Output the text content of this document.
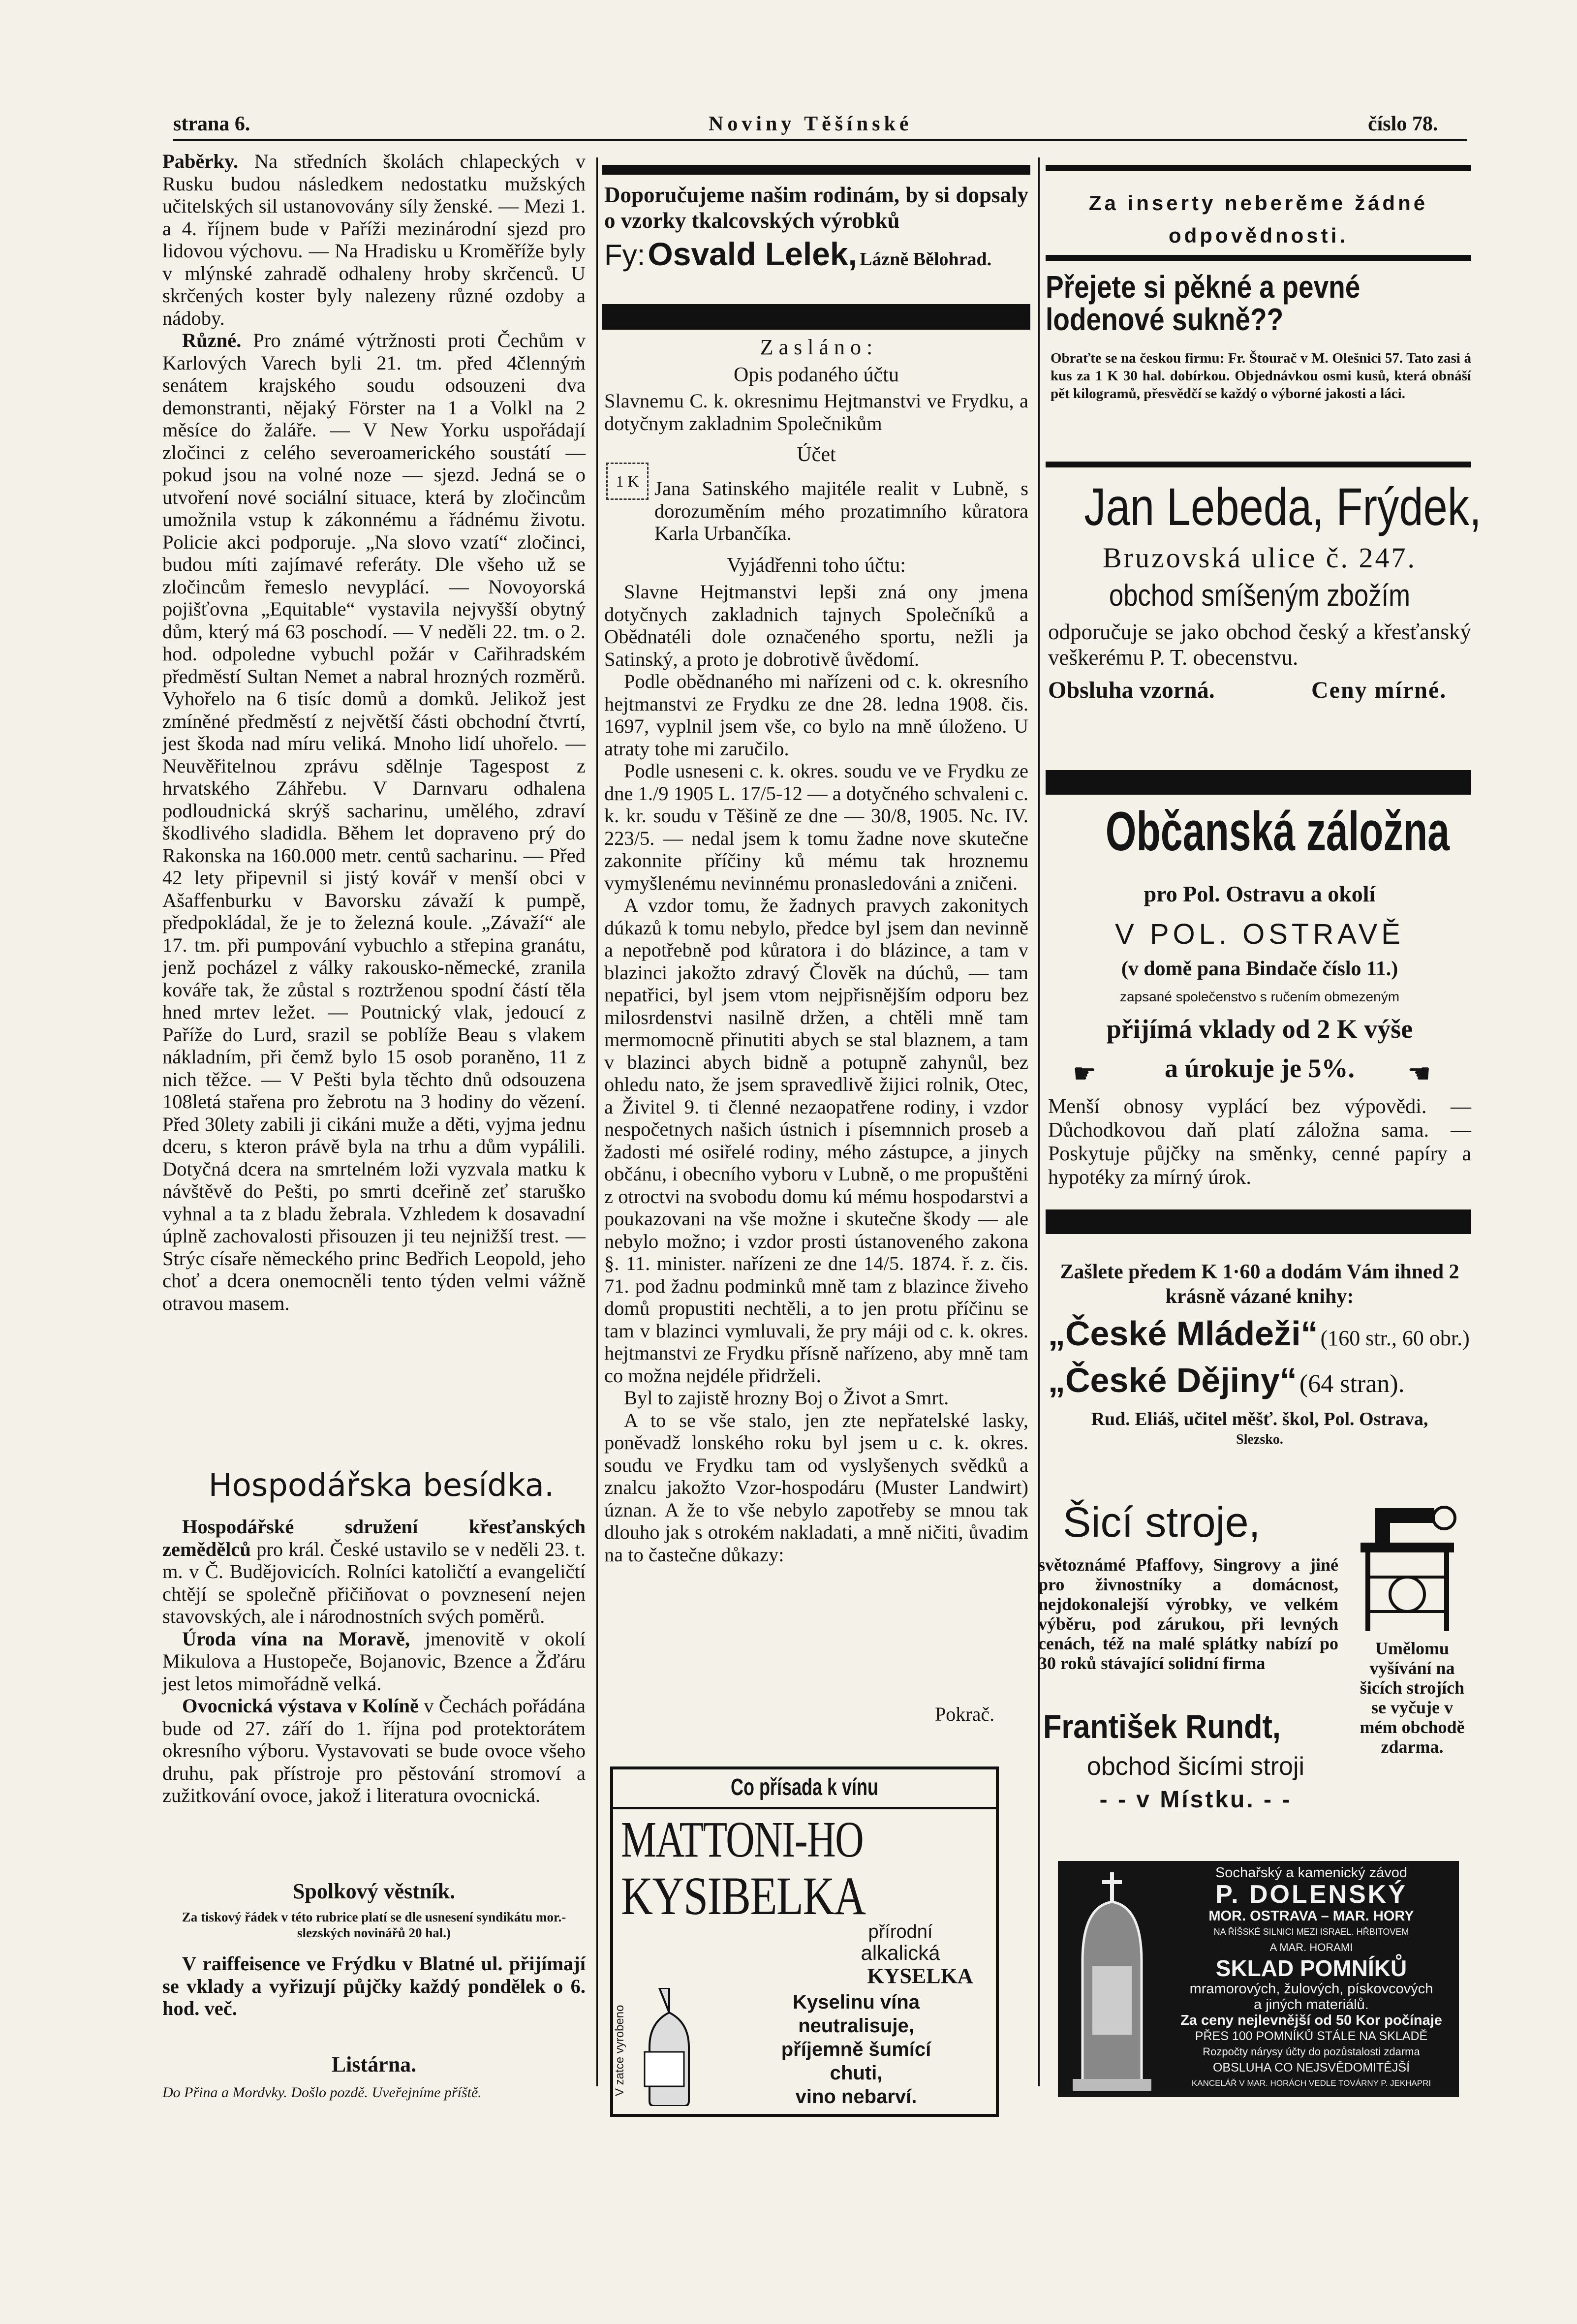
strana 6.	Noviny Těšínské	číslo 78.

Paběrky. Na středních školách chlapeckých v Rusku budou následkem nedostatku mužských učitelských sil ustanovovány síly ženské. — Mezi 1. a 4. říjnem bude v Paříži mezinárodní sjezd pro lidovou výchovu. — Na Hradisku u Kroměříže byly v mlýnské zahradě odhaleny hroby skrčenců. U skrčených koster byly nalezeny různé ozdoby a nádoby.

Různé. Pro známé výtržnosti proti Čechům v Karlových Varech byli 21. tm. před 4člennýṁ senátem krajského soudu odsouzeni dva demonstranti, nějaký Förster na 1 a Volkl na 2 měsíce do žaláře. — V New Yorku uspořádají zločinci z celého severoamerického soustátí — pokud jsou na volné noze — sjezd. Jedná se o utvoření nové sociální situace, která by zločincům umožnila vstup k zákonnému a řádnému životu. Policie akci podporuje. „Na slovo vzatí“ zločinci, budou míti zajímavé referáty. Dle všeho už se zločincům řemeslo nevyplácí. — Novoyorská pojišťovna „Equitable“ vystavila nejvyšší obytný dům, který má 63 poschodí. — V neděli 22. tm. o 2. hod. odpoledne vybuchl požár v Cařihradském předměstí Sultan Nemet a nabral hrozných rozměrů. Vyhořelo na 6 tisíc domů a domků. Jelikož jest zmíněné předměstí z největší části obchodní čtvrtí, jest škoda nad míru veliká. Mnoho lidí uhořelo. — Neuvěřitelnou zprávu sdělnje Tagespost z hrvatského Záhřebu. V Darnvaru odhalena podloudnická skrýš sacharinu, umělého, zdraví škodlivého sladidla. Během let dopraveno prý do Rakonska na 160.000 metr. centů sacharinu. — Před 42 lety připevnil si jistý kovář v menší obci v Ašaffenburku v Bavorsku závaží k pumpě, předpokládal, že je to železná koule. „Závaží“ ale 17. tm. při pumpování vybuchlo a střepina granátu, jenž pocházel z války rakousko-německé, zranila kováře tak, že zůstal s roztrženou spodní částí těla hned mrtev ležet. — Poutnický vlak, jedoucí z Paříže do Lurd, srazil se poblíže Beau s vlakem nákladním, při čemž bylo 15 osob poraněno, 11 z nich těžce. — V Pešti byla těchto dnů odsouzena 108letá stařena pro žebrotu na 3 hodiny do vězení. Před 30lety zabili ji cikáni muže a děti, vyjma jednu dceru, s kteron právě byla na trhu a dům vypálili. Dotyčná dcera na smrtelném loži vyzvala matku k návštěvě do Pešti, po smrti dceřině zeť staruško vyhnal a ta z bladu žebrala. Vzhledem k dosavadní úplně zachovalosti přisouzen ji teu nejnižší trest. — Strýc císaře německého princ Bedřich Leopold, jeho choť a dcera onemocněli tento týden velmi vážně otravou masem.

Hospodářska besídka.

Hospodářské sdružení křesťanských zemědělců pro král. České ustavilo se v neděli 23. t. m. v Č. Budějovicích. Rolníci katoličtí a evangeličtí chtějí se společně přičiňovat o povznesení nejen stavovských, ale i národnostních svých poměrů.

Úroda vína na Moravě, jmenovitě v okolí Mikulova a Hustopeče, Bojanovic, Bzence a Žďáru jest letos mimořádně velká.

Ovocnická výstava v Kolíně v Čechách pořádána bude od 27. září do 1. října pod protektorátem okresního výboru. Vystavovati se bude ovoce všeho druhu, pak přístroje pro pěstování stromoví a zužitkování ovoce, jakož i literatura ovocnická.

Spolkový věstník.
Za tiskový řádek v této rubrice platí se dle usnesení syndikátu mor.-slezských novinářů 20 hal.)

V raiffeisence ve Frýdku v Blatné ul. přijímají se vklady a vyřizují půjčky každý pondělek o 6. hod. več.

Listárna.
Do Přina a Mordvky. Došlo pozdě. Uveřejníme příště.
Doporučujeme našim rodinám, by si dopsaly o vzorky tkalcovských výrobků
Fy: Osvald Lelek, Lázně Bělohrad.
Z a s l á n o :
Opis podaného účtu

Slavnemu C. k. okresnimu Hejtmanstvi ve Frydku, a dotyčnym zakladnim Společnikům

Účet
1 K Jana Satinského majitéle realit v Lubně, s dorozuměním mého prozatimního kůratora Karla Urbančíka.

Vyjádřenni toho účtu:

Slavne Hejtmanstvi lepši zná ony jmena dotyčnych zakladnich tajnych Společníků a Obědnatéli dole označeného sportu, nežli ja Satinský, a proto je dobrotivě ůvědomí.

Podle obědnaného mi nařízeni od c. k. okresního hejtmanstvi ze Frydku ze dne 28. ledna 1908. čis. 1697, vyplnil jsem vše, co bylo na mně úloženo. U atraty tohe mi zaručilo.

Podle usneseni c. k. okres. soudu ve ve Frydku ze dne 1./9 1905 L. 17/5-12 — a dotyčného schvaleni c. k. kr. soudu v Těšině ze dne — 30/8, 1905. Nc. IV. 223/5. — nedal jsem k tomu žadne nove skutečne zakonnite příčiny ků mému tak hroznemu vymyšlenému nevinnému pronasledováni a zničeni.

A vzdor tomu, že žadnych pravych zakonitych dúkazů k tomu nebylo, předce byl jsem dan nevinně a nepotřebně pod kůratora i do blázince, a tam v blazinci jakožto zdravý Člověk na dúchů, — tam nepatřici, byl jsem vtom nejpřisnějším odporu bez milosrdenstvi nasilně držen, a chtěli mně tam mermomocně přinutiti abych se stal blaznem, a tam v blazinci abych bidně a potupně zahynůl, bez ohledu nato, že jsem spravedlivě žijici rolnik, Otec, a Živitel 9. ti členné nezaopatřene rodiny, i vzdor nespočetnych našich ústnich i písemnnich proseb a žadosti mé osiřelé rodiny, mého zástupce, a jinych občánu, i obecního vyboru v Lubně, o me propuštěni z otroctvi na svobodu domu kú mému hospodarstvi a poukazovani na vše možne i skutečne škody — ale nebylo možno; i vzdor prosti ústanoveného zakona §. 11. minister. nařízeni ze dne 14/5. 1874. ř. z. čis. 71. pod žadnu podminků mně tam z blazince živeho domů propustiti nechtěli, a to jen protu příčinu se tam v blazinci vymluvali, že pry máji od c. k. okres. hejtmanstvi ze Frydku přísně nařízeno, aby mně tam co možna nejdéle přidrželi.

Byl to zajistě hrozny Boj o Život a Smrt.

A to se vše stalo, jen zte nepřatelské lasky, poněvadž lonského roku byl jsem u c. k. okres. soudu ve Frydku tam od vyslyšenych svědků a znalcu jakožto Vzor-hospodáru (Muster Landwirt) úznan. A že to vše nebylo zapotřeby se mnou tak dlouho jak s otrokém nakladati, a mně ničiti, ůvadim na to častečne důkazy:

Pokrač.
Co přísada k vínu
MATTONI-HO
KYSIBELKA
přírodní
alkalická
KYSELKA
V zatce vyrobeno
Kyselinu vína
neutralisuje,
příjemně šumící
chuti,
vino nebarví.
Za inserty neberěme žádné odpovědnosti.
Přejete si pěkné a pevné lodenové sukně??
Obraťte se na českou firmu: Fr. Štourač v M. Olešnici 57. Tato zasi á kus za 1 K 30 hal. dobírkou. Objednávkou osmi kusů, která obnáší pět kilogramů, přesvědčí se každý o výborné jakosti a láci.
Jan Lebeda, Frýdek,
Bruzovská ulice č. 247.
obchod smíšeným zbožím
odporučuje se jako obchod český a křesťanský veškerému P. T. obecenstvu.
Obsluha vzorná.	Ceny mírné.
Občanská záložna
pro Pol. Ostravu a okolí
V POL. OSTRAVĚ
(v domě pana Bindače číslo 11.)
zapsané společenstvo s ručením obmezeným
přijímá vklady od 2 K výše
a úrokuje je 5%.
☛	☚
Menší obnosy vyplácí bez výpovědi. — Důchodkovou daň platí záložna sama. — Poskytuje půjčky na směnky, cenné papíry a hypotéky za mírný úrok.
Zašlete předem K 1·60 a dodám Vám ihned 2 krásně vázané knihy:
„České Mládeži“ (160 str., 60 obr.)
„České Dějiny“ (64 stran).
Rud. Eliáš, učitel měšť. škol, Pol. Ostrava,
Slezsko.
Šicí stroje,
světoznámé Pfaffovy, Singrovy a jiné pro živnostníky a domácnost, nejdokonalejší výrobky, ve velkém výběru, pod zárukou, při levných cenách, též na malé splátky nabízí po 30 roků stávající solidní firma
Umělomu vyšívání na šicích strojích se vyčuje v mém obchodě zdarma.
František Rundt,
obchod šicími stroji
- - v Místku. - -
Sochařský a kamenický závod
P. DOLENSKÝ
MOR. OSTRAVA – MAR. HORY
NA ŘÍŠSKÉ SILNICI MEZI ISRAEL. HŘBITOVEM
A MAR. HORAMI
SKLAD POMNÍKŮ
mramorových, žulových, pískovcových
a jiných materiálů.
Za ceny nejlevnější od 50 Kor počínaje
PŘES 100 POMNÍKŮ STÁLE NA SKLADĚ
Rozpočty nárysy účty do pozůstalosti zdarma
OBSLUHA CO NEJSVĚDOMITĚJŠÍ
KANCELÁŘ V MAR. HORÁCH VEDLE TOVÁRNY P. JEKHAPRI
